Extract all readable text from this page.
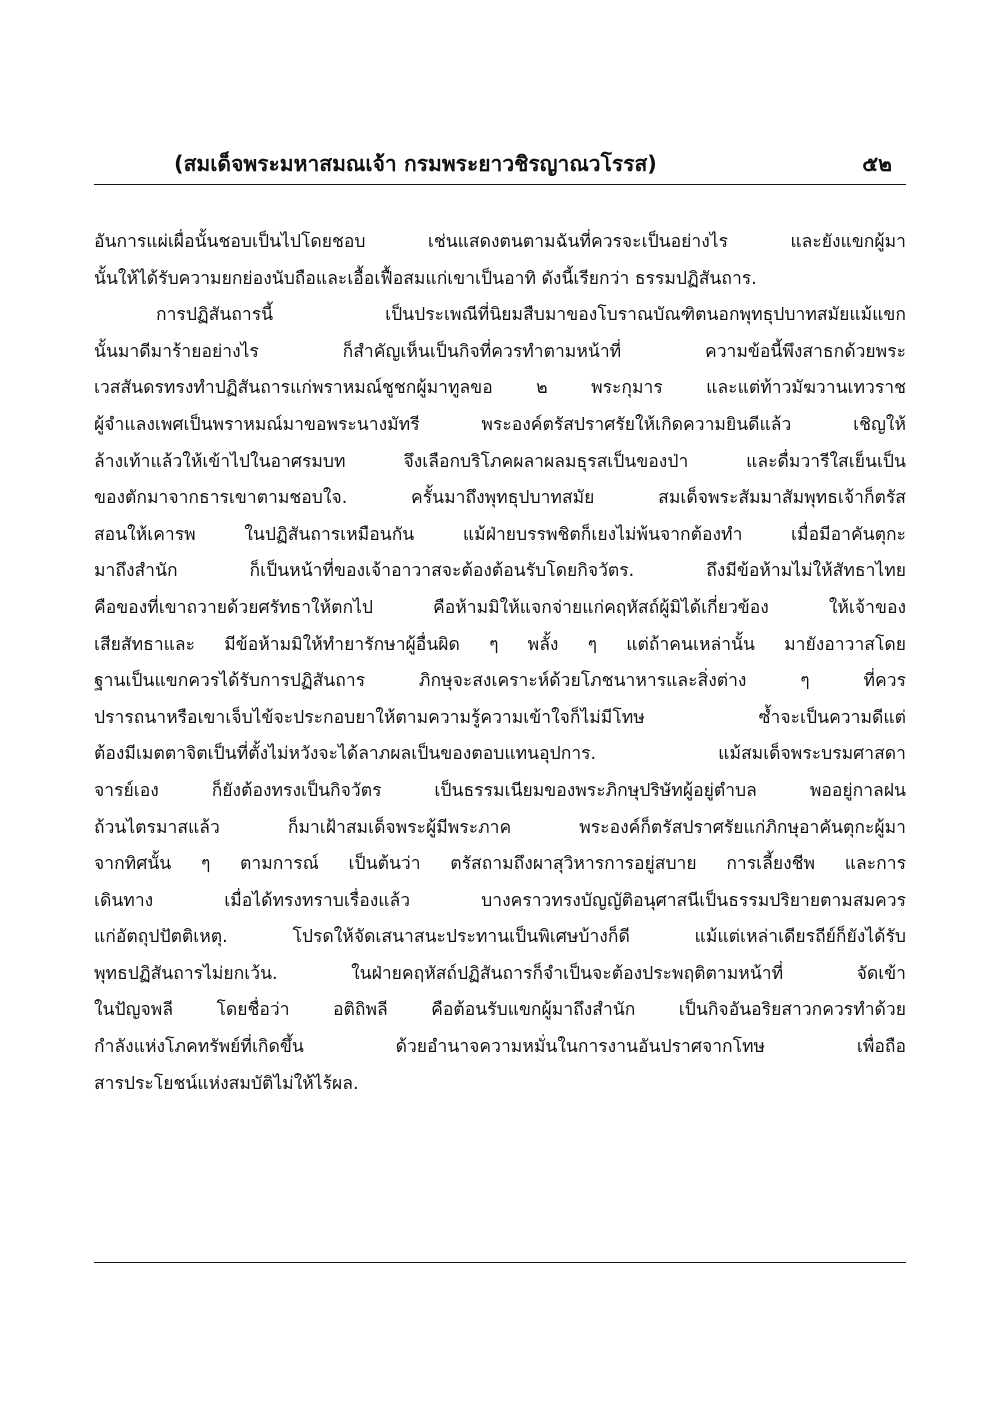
(สมเด็จพระมหาสมณเจ้า กรมพระยาวชิรญาณวโรรส)	๕๒
อันการแผ่เผื่อนั้นชอบเป็นไปโดยชอบ เช่นแสดงตนตามฉันที่ควรจะเป็นอย่างไร และยังแขกผู้มา
นั้นให้ได้รับความยกย่องนับถือและเอื้อเฟื้อสมแก่เขาเป็นอาทิ ดังนี้เรียกว่า ธรรมปฏิสันถาร.
การปฏิสันถารนี้ เป็นประเพณีที่นิยมสืบมาของโบราณบัณฑิตนอกพุทธุปบาทสมัยแม้แขก
นั้นมาดีมาร้ายอย่างไร ก็สำคัญเห็นเป็นกิจที่ควรทำตามหน้าที่ ความข้อนี้พึงสาธกด้วยพระ
เวสสันดรทรงทำปฏิสันถารแก่พราหมณ์ชูชกผู้มาทูลขอ ๒ พระกุมาร และแต่ท้าวมัฆวานเทวราช
ผู้จำแลงเพศเป็นพราหมณ์มาขอพระนางมัทรี พระองค์ตรัสปราศรัยให้เกิดความยินดีแล้ว เชิญให้
ล้างเท้าแล้วให้เข้าไปในอาศรมบท จึงเลือกบริโภคผลาผลมธุรสเป็นของป่า และดื่มวารีใสเย็นเป็น
ของตักมาจากธารเขาตามชอบใจ. ครั้นมาถึงพุทธุปบาทสมัย สมเด็จพระสัมมาสัมพุทธเจ้าก็ตรัส
สอนให้เคารพ ในปฏิสันถารเหมือนกัน แม้ฝ่ายบรรพชิตก็เยงไม่พ้นจากต้องทำ เมื่อมีอาคันตุกะ
มาถึงสำนัก ก็เป็นหน้าที่ของเจ้าอาวาสจะต้องต้อนรับโดยกิจวัตร. ถึงมีข้อห้ามไม่ให้สัทธาไทย
คือของที่เขาถวายด้วยศรัทธาให้ตกไป คือห้ามมิให้แจกจ่ายแก่คฤหัสถ์ผู้มิได้เกี่ยวข้อง ให้เจ้าของ
เสียสัทธาและ มีข้อห้ามมิให้ทำยารักษาผู้อื่นผิด ๆ พลั้ง ๆ แต่ถ้าคนเหล่านั้น มายังอาวาสโดย
ฐานเป็นแขกควรได้รับการปฏิสันถาร ภิกษุจะสงเคราะห์ด้วยโภชนาหารและสิ่งต่าง ๆ ที่ควร
ปรารถนาหรือเขาเจ็บไข้จะประกอบยาให้ตามความรู้ความเข้าใจก็ไม่มีโทษ ซ้ำจะเป็นความดีแต่
ต้องมีเมตตาจิตเป็นที่ตั้งไม่หวังจะได้ลาภผลเป็นของตอบแทนอุปการ. แม้สมเด็จพระบรมศาสดา
จารย์เอง ก็ยังต้องทรงเป็นกิจวัตร เป็นธรรมเนียมของพระภิกษุปริษัทผู้อยู่ตำบล พออยู่กาลฝน
ถ้วนไตรมาสแล้ว ก็มาเฝ้าสมเด็จพระผู้มีพระภาค พระองค์ก็ตรัสปราศรัยแก่ภิกษุอาคันตุกะผู้มา
จากทิศนั้น ๆ ตามการณ์ เป็นต้นว่า ตรัสถามถึงผาสุวิหารการอยู่สบาย การเลี้ยงชีพ และการ
เดินทาง เมื่อได้ทรงทราบเรื่องแล้ว บางคราวทรงบัญญัติอนุศาสนีเป็นธรรมปริยายตามสมควร
แก่อัตถุปปัตติเหตุ. โปรดให้จัดเสนาสนะประทานเป็นพิเศษบ้างก็ดี แม้แต่เหล่าเดียรถีย์ก็ยังได้รับ
พุทธปฏิสันถารไม่ยกเว้น. ในฝ่ายคฤหัสถ์ปฏิสันถารก็จำเป็นจะต้องประพฤติตามหน้าที่ จัดเข้า
ในปัญจพลี โดยชื่อว่า อติถิพลี คือต้อนรับแขกผู้มาถึงสำนัก เป็นกิจอันอริยสาวกควรทำด้วย
กำลังแห่งโภคทรัพย์ที่เกิดขึ้น ด้วยอำนาจความหมั่นในการงานอันปราศจากโทษ เพื่อถือ
สารประโยชน์แห่งสมบัติไม่ให้ไร้ผล.
